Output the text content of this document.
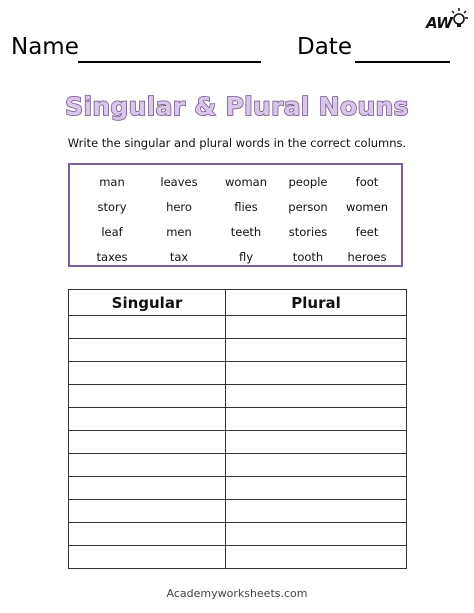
AW
Name	Date
Singular & Plural Nouns
Write the singular and plural words in the correct columns.
man	leaves woman people foot
story	hero	flies	person women
leaf	men	teeth stories feet
taxes	tax	fly	tooth heroes
Singular	Plural

Academyworksheets.com
